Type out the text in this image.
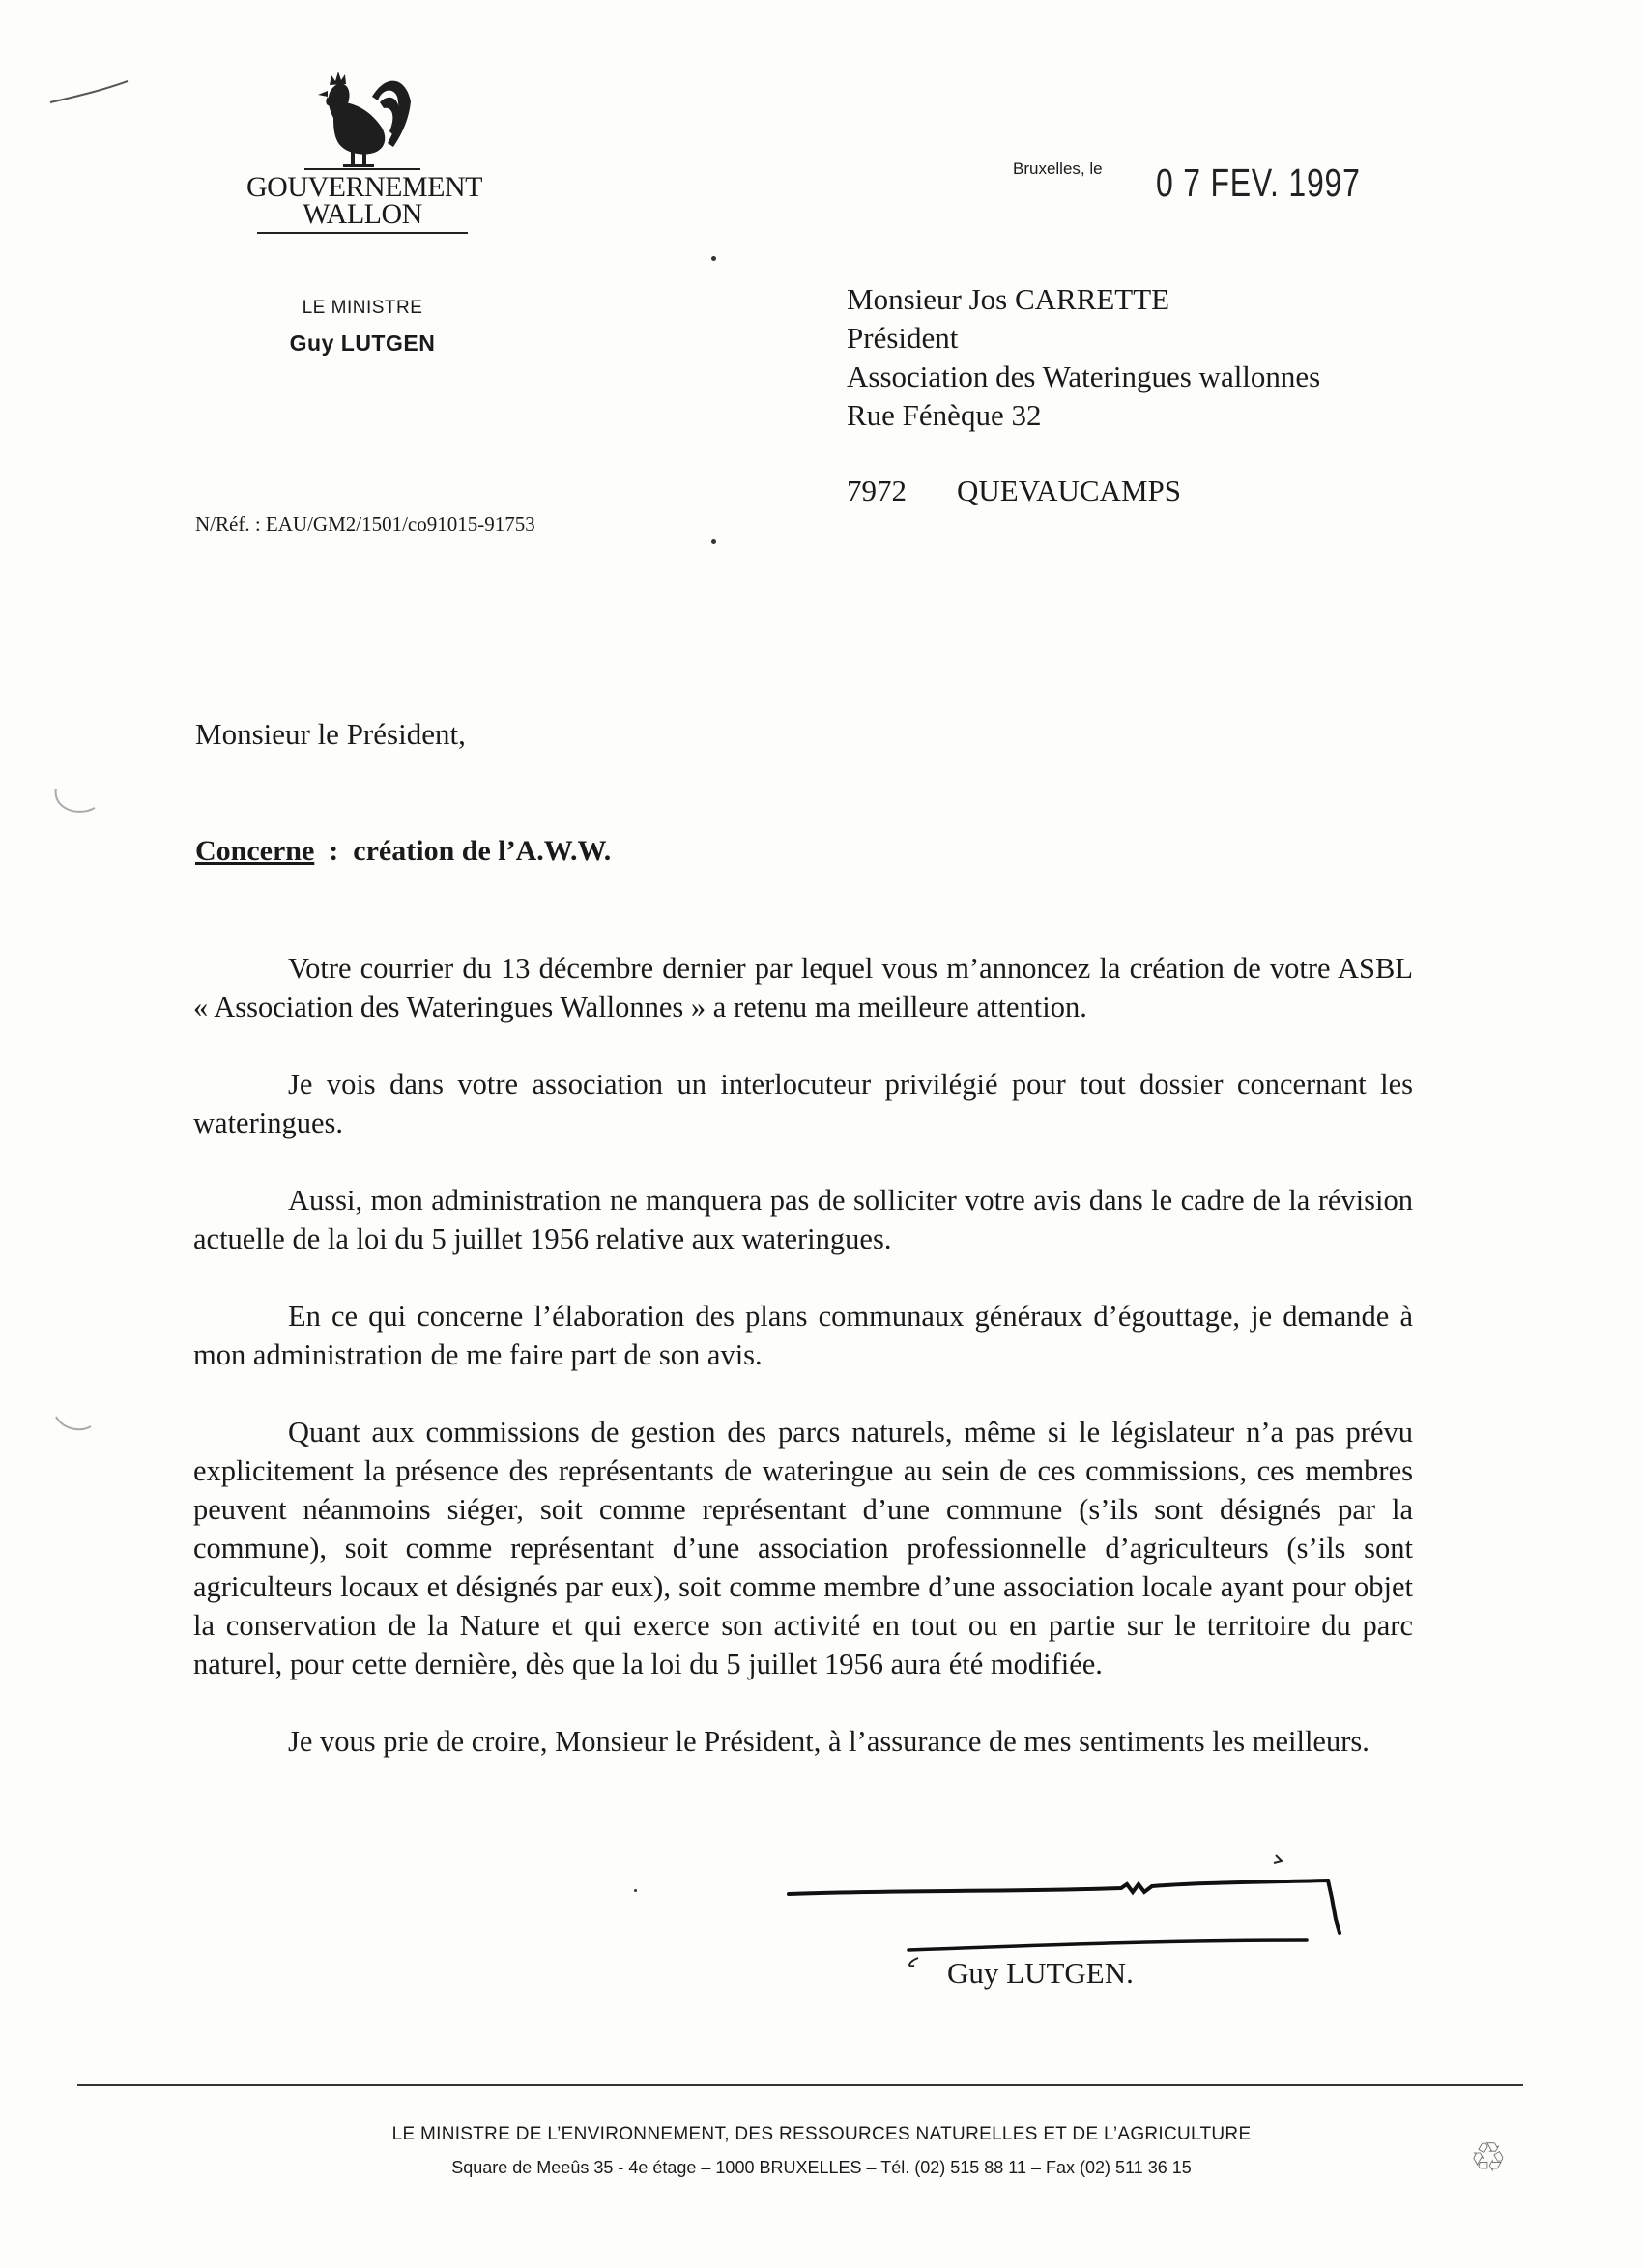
GOUVERNEMENT
WALLON
LE MINISTRE
Guy LUTGEN
N/Réf. : EAU/GM2/1501/co91015-91753
Bruxelles, le 0 7 FEV. 1997
Monsieur Jos CARRETTE
Président
Association des Wateringues wallonnes
Rue Fénèque 32
7972 QUEVAUCAMPS
Monsieur le Président,
Concerne  :  création de l’A.W.W.

Votre courrier du 13 décembre dernier par lequel vous m’annoncez la création de votre ASBL « Association des Wateringues Wallonnes » a retenu ma meilleure attention.

Je vois dans votre association un interlocuteur privilégié pour tout dossier concernant les wateringues.

Aussi, mon administration ne manquera pas de solliciter votre avis dans le cadre de la révision actuelle de la loi du 5 juillet 1956 relative aux wateringues.

En ce qui concerne l’élaboration des plans communaux généraux d’égouttage, je demande à mon administration de me faire part de son avis.

Quant aux commissions de gestion des parcs naturels, même si le législateur n’a pas prévu explicitement la présence des représentants de wateringue au sein de ces commissions, ces membres peuvent néanmoins siéger, soit comme représentant d’une commune (s’ils sont désignés par la commune), soit comme représentant d’une association professionnelle d’agriculteurs (s’ils sont agriculteurs locaux et désignés par eux), soit comme membre d’une association locale ayant pour objet la conservation de la Nature et qui exerce son activité en tout ou en partie sur le territoire du parc naturel, pour cette dernière, dès que la loi du 5 juillet 1956 aura été modifiée.

Je vous prie de croire, Monsieur le Président, à l’assurance de mes sentiments les meilleurs.

Guy LUTGEN.
LE MINISTRE DE L’ENVIRONNEMENT, DES RESSOURCES NATURELLES ET DE L’AGRICULTURE
Square de Meeûs 35 - 4e étage – 1000 BRUXELLES – Tél. (02) 515 88 11 – Fax (02) 511 36 15	♲
